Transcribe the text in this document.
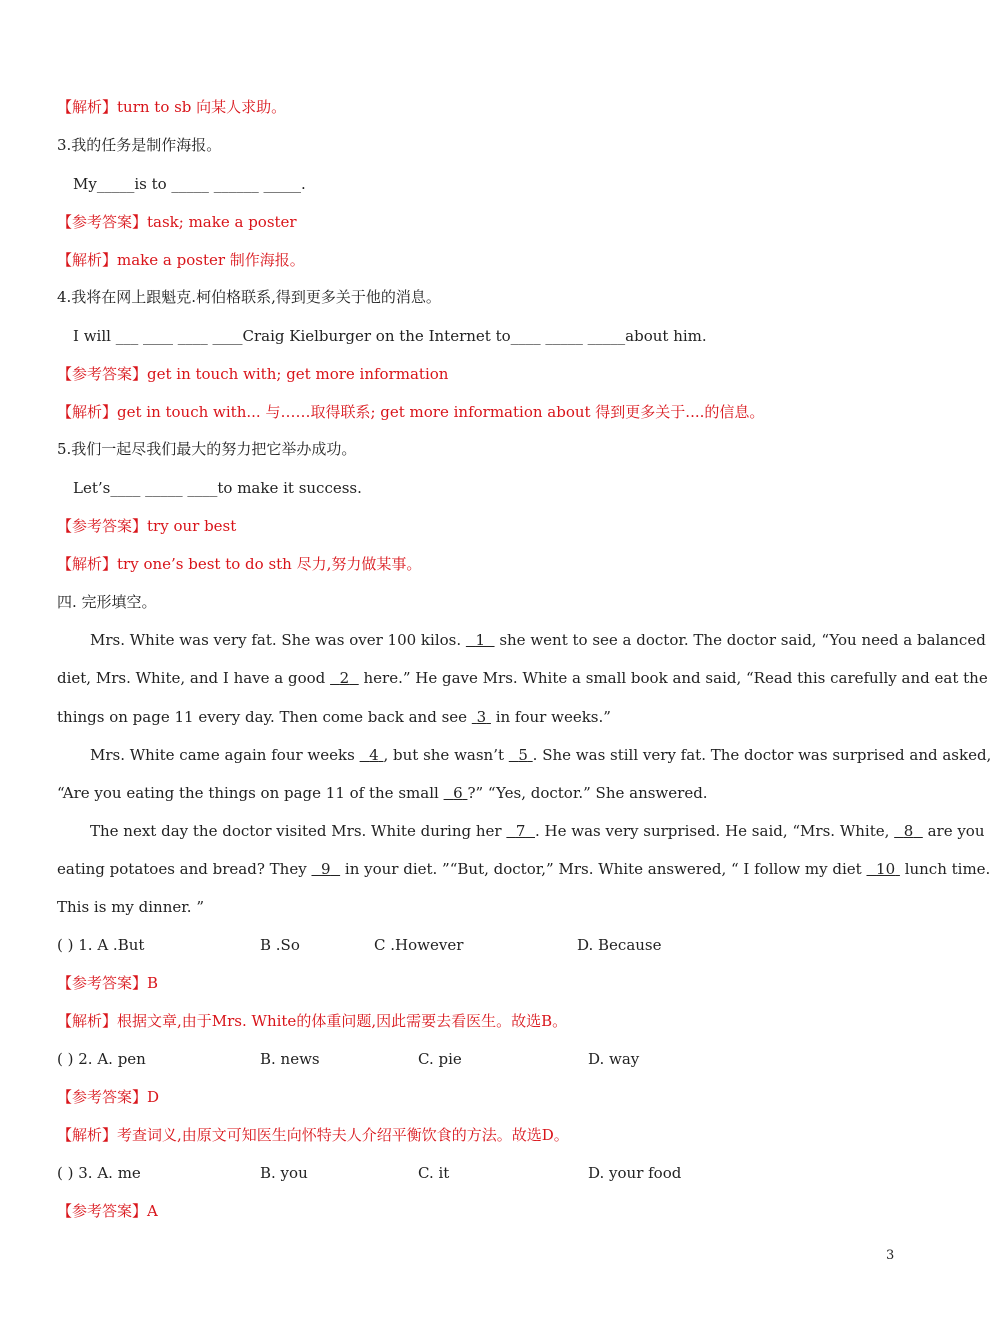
【解析】turn to sb 向某人求助。
3.我的任务是制作海报。
My_____is to _____ ______ _____.
【参考答案】task; make a poster
【解析】make a poster 制作海报。
4.我将在网上跟魁克.柯伯格联系,得到更多关于他的消息。
I will ___ ____ ____ ____Craig Kielburger on the Internet to____ _____ _____about him.
【参考答案】get in touch with; get more information
【解析】get in touch with... 与……取得联系; get more information about 得到更多关于....的信息。
5.我们一起尽我们最大的努力把它举办成功。
Let’s____ _____ ____to make it success.
【参考答案】try our best
【解析】try one’s best to do sth 尽力,努力做某事。
四. 完形填空。
Mrs. White was very fat. She was over 100 kilos. 1 she went to see a doctor. The doctor said, “You need a balanced
diet, Mrs. White, and I have a good 2 here.” He gave Mrs. White a small book and said, “Read this carefully and eat the
things on page 11 every day. Then come back and see 3 in four weeks.”
Mrs. White came again four weeks 4 , but she wasn’t 5 . She was still very fat. The doctor was surprised and asked,
“Are you eating the things on page 11 of the small 6 ?” “Yes, doctor.” She answered.
The next day the doctor visited Mrs. White during her 7 . He was very surprised. He said, “Mrs. White, 8 are you
eating potatoes and bread? They 9 in your diet. ”“But, doctor,” Mrs. White answered, “ I follow my diet 10 lunch time.
This is my dinner. ”
( ) 1. A .But	B .So	C .However	D. Because
【参考答案】B
【解析】根据文章,由于Mrs. White的体重问题,因此需要去看医生。故选B。
( ) 2. A. pen	B. news	C. pie	D. way
【参考答案】D
【解析】考查词义,由原文可知医生向怀特夫人介绍平衡饮食的方法。故选D。
( ) 3. A. me	B. you	C. it	D. your food
【参考答案】A
3
